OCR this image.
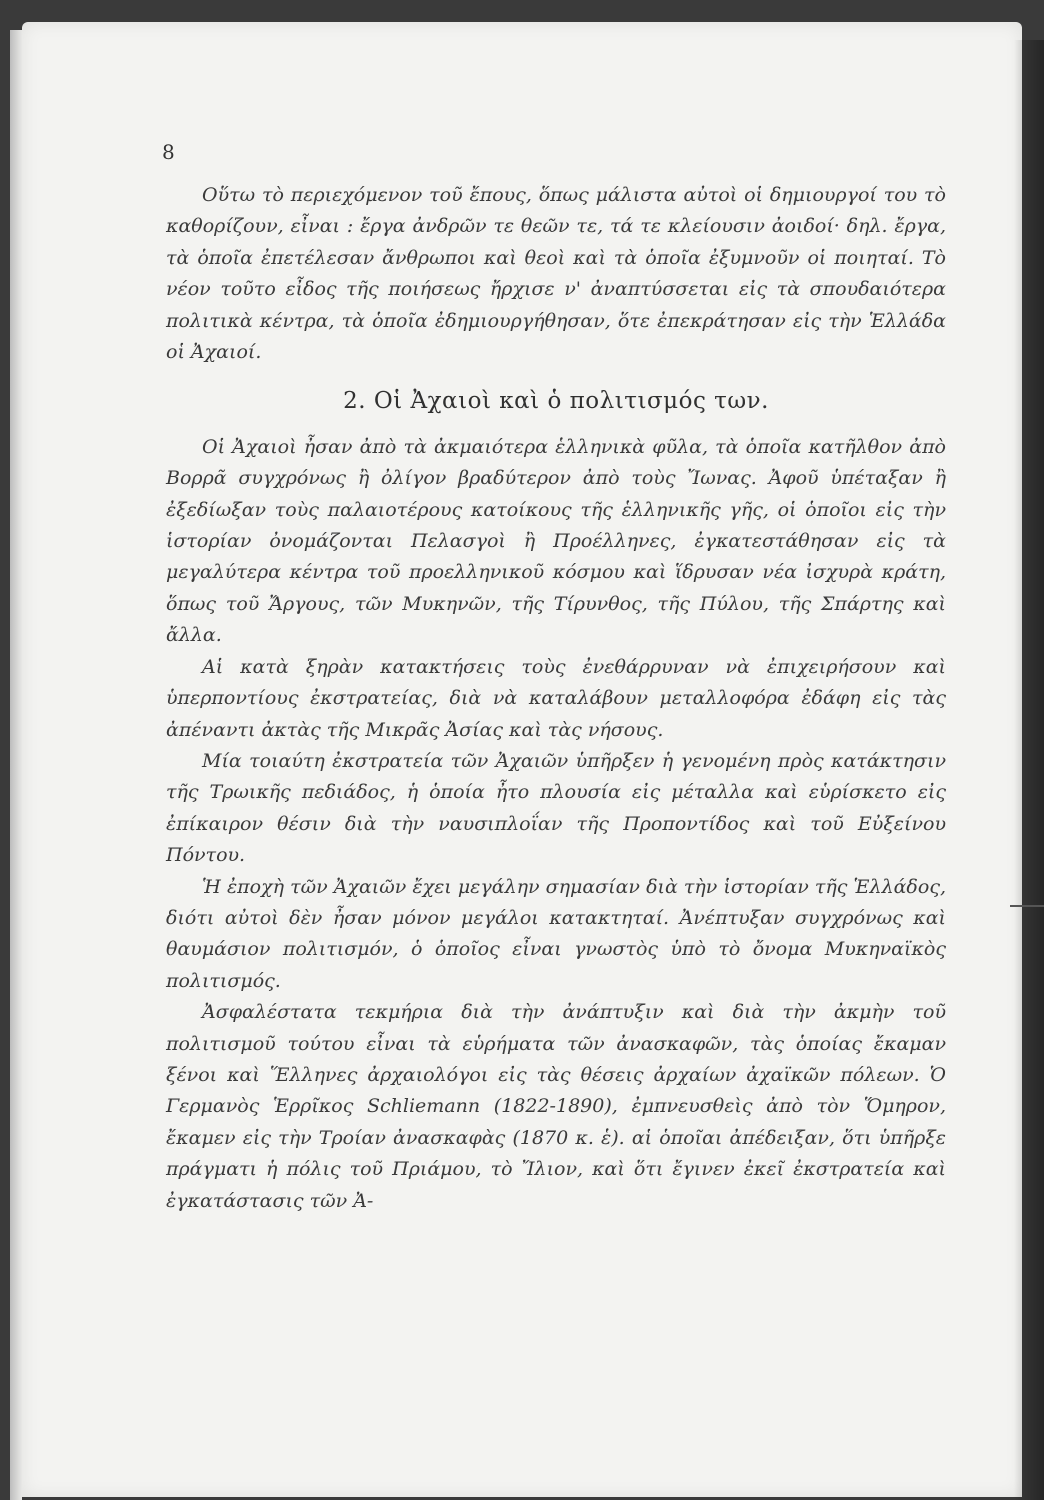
8

Οὕτω τὸ περιεχόμενον τοῦ ἔπους, ὅπως μάλιστα αὐτοὶ οἱ δημιουργοί του τὸ καθορίζουν, εἶναι : ἔργα ἀνδρῶν τε θεῶν τε, τά τε κλείουσιν ἀοιδοί· δηλ. ἔργα, τὰ ὁποῖα ἐπετέλεσαν ἄνθρωποι καὶ θεοὶ καὶ τὰ ὁποῖα ἐξυμνοῦν οἱ ποιηταί. Τὸ νέον τοῦτο εἶδος τῆς ποιήσεως ἤρχισε ν' ἀναπτύσσεται εἰς τὰ σπουδαιότερα πολιτικὰ κέντρα, τὰ ὁποῖα ἐδημιουργήθησαν, ὅτε ἐπεκράτησαν εἰς τὴν Ἑλλάδα οἱ Ἀχαιοί.

2. Οἱ Ἀχαιοὶ καὶ ὁ πολιτισμός των.

Οἱ Ἀχαιοὶ ἦσαν ἀπὸ τὰ ἀκμαιότερα ἑλληνικὰ φῦλα, τὰ ὁποῖα κατῆλθον ἀπὸ Βορρᾶ συγχρόνως ἢ ὀλίγον βραδύτερον ἀπὸ τοὺς Ἴωνας. Ἀφοῦ ὑπέταξαν ἢ ἐξεδίωξαν τοὺς παλαιοτέρους κατοίκους τῆς ἑλληνικῆς γῆς, οἱ ὁποῖοι εἰς τὴν ἱστορίαν ὀνομάζονται Πελασγοὶ ἢ Προέλληνες, ἐγκατεστάθησαν εἰς τὰ μεγαλύτερα κέντρα τοῦ προελληνικοῦ κόσμου καὶ ἵδρυσαν νέα ἰσχυρὰ κράτη, ὅπως τοῦ Ἄργους, τῶν Μυκηνῶν, τῆς Τίρυνθος, τῆς Πύλου, τῆς Σπάρτης καὶ ἄλλα.

Αἱ κατὰ ξηρὰν κατακτήσεις τοὺς ἐνεθάρρυναν νὰ ἐπιχειρήσουν καὶ ὑπερποντίους ἐκστρατείας, διὰ νὰ καταλάβουν μεταλλοφόρα ἐδάφη εἰς τὰς ἀπέναντι ἀκτὰς τῆς Μικρᾶς Ἀσίας καὶ τὰς νήσους.

Μία τοιαύτη ἐκστρατεία τῶν Ἀχαιῶν ὑπῆρξεν ἡ γενομένη πρὸς κατάκτησιν τῆς Τρωικῆς πεδιάδος, ἡ ὁποία ἦτο πλουσία εἰς μέταλλα καὶ εὑρίσκετο εἰς ἐπίκαιρον θέσιν διὰ τὴν ναυσιπλοΐαν τῆς Προποντίδος καὶ τοῦ Εὐξείνου Πόντου.

Ἡ ἐποχὴ τῶν Ἀχαιῶν ἔχει μεγάλην σημασίαν διὰ τὴν ἱστορίαν τῆς Ἑλλάδος, διότι αὐτοὶ δὲν ἦσαν μόνον μεγάλοι κατακτηταί. Ἀνέπτυξαν συγχρόνως καὶ θαυμάσιον πολιτισμόν, ὁ ὁποῖος εἶναι γνωστὸς ὑπὸ τὸ ὄνομα Μυκηναϊκὸς πολιτισμός.

Ἀσφαλέστατα τεκμήρια διὰ τὴν ἀνάπτυξιν καὶ διὰ τὴν ἀκμὴν τοῦ πολιτισμοῦ τούτου εἶναι τὰ εὑρήματα τῶν ἀνασκαφῶν, τὰς ὁποίας ἔκαμαν ξένοι καὶ Ἕλληνες ἀρχαιολόγοι εἰς τὰς θέσεις ἀρχαίων ἀχαϊκῶν πόλεων. Ὁ Γερμανὸς Ἑρρῖκος Schliemann (1822-1890), ἐμπνευσθεὶς ἀπὸ τὸν Ὅμηρον, ἔκαμεν εἰς τὴν Τροίαν ἀνασκαφὰς (1870 κ. ἑ). αἱ ὁποῖαι ἀπέδειξαν, ὅτι ὑπῆρξε πράγματι ἡ πόλις τοῦ Πριάμου, τὸ Ἴλιον, καὶ ὅτι ἔγινεν ἐκεῖ ἐκστρατεία καὶ ἐγκατάστασις τῶν Ἀ-
